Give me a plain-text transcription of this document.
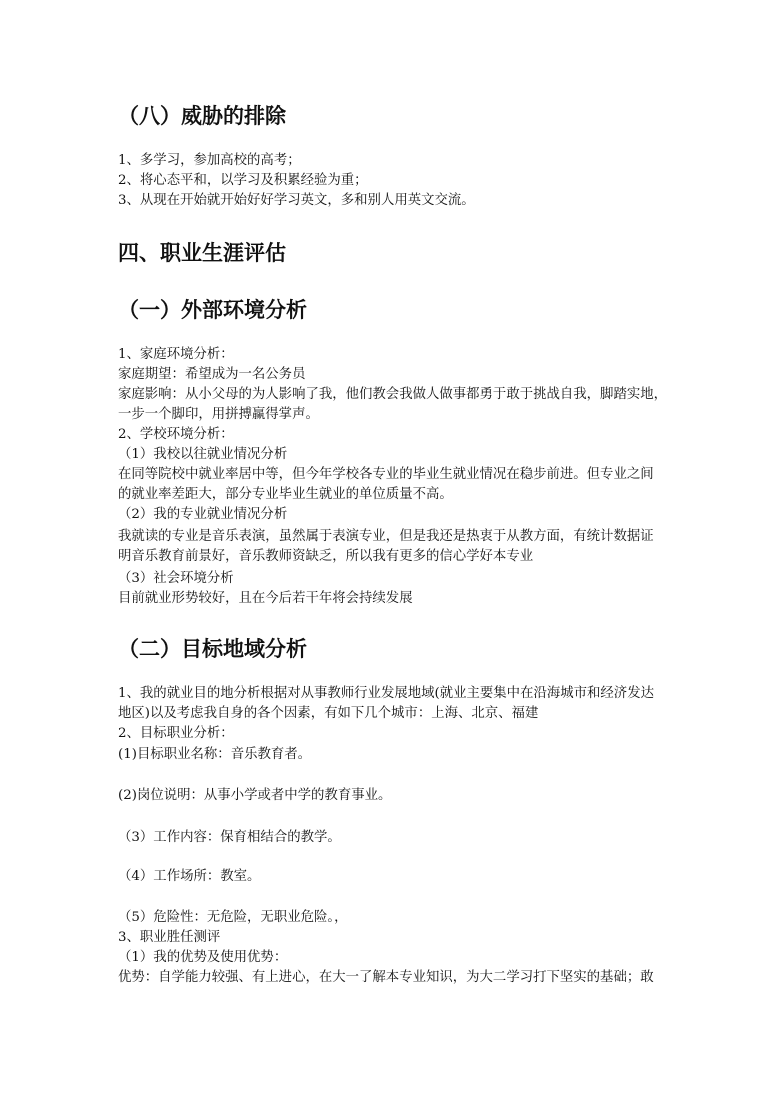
（八）威胁的排除
1、多学习，参加高校的高考；
2、将心态平和，以学习及积累经验为重；
3、从现在开始就开始好好学习英文，多和别人用英文交流。
四、职业生涯评估
（一）外部环境分析
1、家庭环境分析：
家庭期望：希望成为一名公务员
家庭影响：从小父母的为人影响了我，他们教会我做人做事都勇于敢于挑战自我，脚踏实地，
一步一个脚印，用拼搏赢得掌声。
2、学校环境分析：
（1）我校以往就业情况分析
在同等院校中就业率居中等，但今年学校各专业的毕业生就业情况在稳步前进。但专业之间
的就业率差距大，部分专业毕业生就业的单位质量不高。
（2）我的专业就业情况分析
我就读的专业是音乐表演，虽然属于表演专业，但是我还是热衷于从教方面，有统计数据证
明音乐教育前景好，音乐教师资缺乏，所以我有更多的信心学好本专业
（3）社会环境分析
目前就业形势较好，且在今后若干年将会持续发展
（二）目标地域分析
1、我的就业目的地分析根据对从事教师行业发展地域(就业主要集中在沿海城市和经济发达
地区)以及考虑我自身的各个因素，有如下几个城市：上海、北京、福建
2、目标职业分析：
(1)目标职业名称：音乐教育者。
(2)岗位说明：从事小学或者中学的教育事业。
（3）工作内容：保育相结合的教学。
（4）工作场所：教室。
（5）危险性：无危险，无职业危险。，
3、职业胜任测评
（1）我的优势及使用优势：
优势：自学能力较强、有上进心，在大一了解本专业知识，为大二学习打下坚实的基础；敢
